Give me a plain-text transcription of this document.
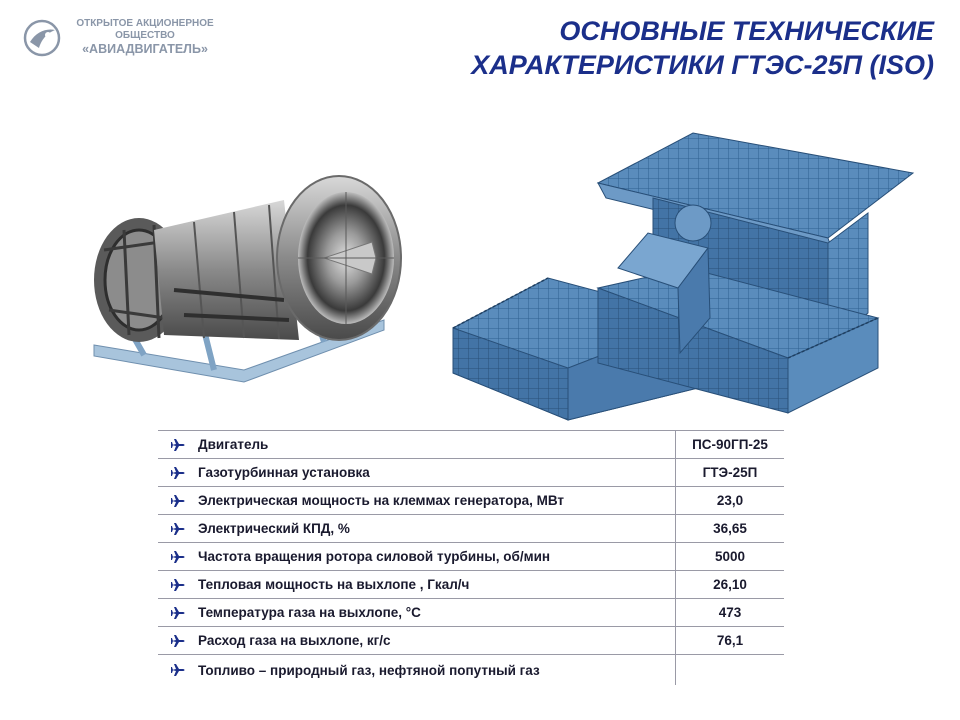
ОТКРЫТОЕ АКЦИОНЕРНОЕ
ОБЩЕСТВО
«АВИАДВИГАТЕЛЬ»
ОСНОВНЫЕ ТЕХНИЧЕСКИЕ
ХАРАКТЕРИСТИКИ ГТЭС-25П (ISO)
	Двигатель	ПС-90ГП-25

	Газотурбинная установка	ГТЭ-25П

	Электрическая мощность на клеммах генератора, МВт	23,0

	Электрический КПД, %	36,65

	Частота вращения ротора силовой турбины, об/мин	5000

	Тепловая мощность на выхлопе , Гкал/ч	26,10

	Температура газа на выхлопе, °С	473

	Расход газа на выхлопе, кг/с	76,1

	Топливо – природный газ, нефтяной попутный газ	
